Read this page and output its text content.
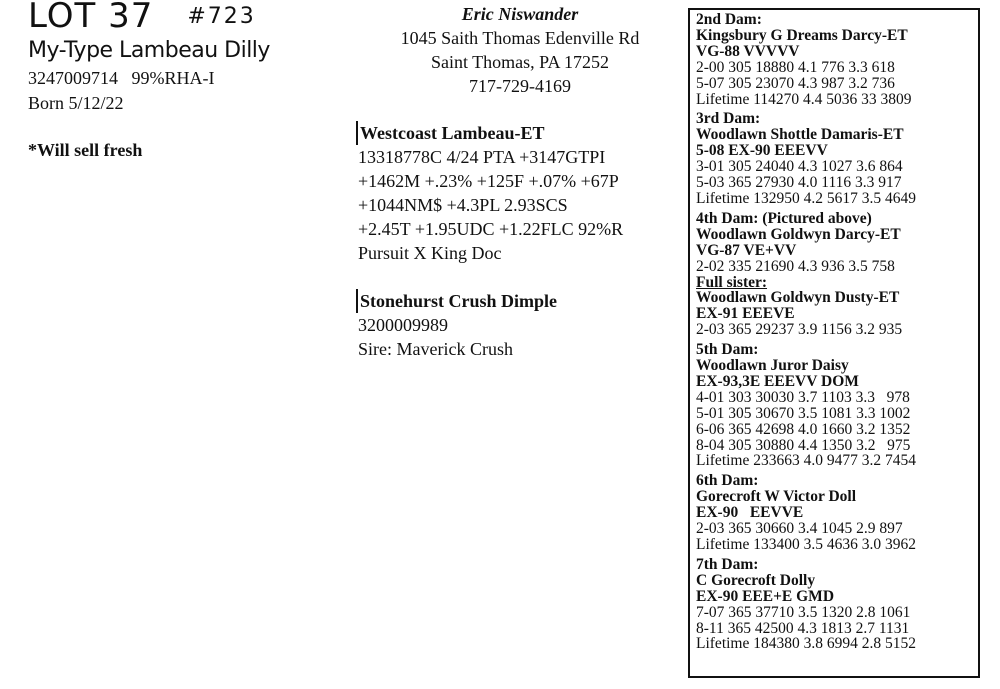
LOT 37 #723
My-Type Lambeau Dilly
3247009714   99%RHA-I
Born 5/12/22
*Will sell fresh
Eric Niswander
1045 Saith Thomas Edenville Rd
Saint Thomas, PA 17252
717-729-4169
Westcoast Lambeau-ET
13318778C 4/24 PTA +3147GTPI
+1462M +.23% +125F +.07% +67P
+1044NM$ +4.3PL 2.93SCS
+2.45T +1.95UDC +1.22FLC 92%R
Pursuit X King Doc
Stonehurst Crush Dimple
3200009989
Sire: Maverick Crush
2nd Dam:
Kingsbury G Dreams Darcy-ET
VG-88 VVVVV
2-00 305 18880 4.1 776 3.3 618
5-07 305 23070 4.3 987 3.2 736
Lifetime 114270 4.4 5036 33 3809
3rd Dam:
Woodlawn Shottle Damaris-ET
5-08 EX-90 EEEVV
3-01 305 24040 4.3 1027 3.6 864
5-03 365 27930 4.0 1116 3.3 917
Lifetime 132950 4.2 5617 3.5 4649
4th Dam: (Pictured above)
Woodlawn Goldwyn Darcy-ET
VG-87 VE+VV
2-02 335 21690 4.3 936 3.5 758
Full sister:
Woodlawn Goldwyn Dusty-ET
EX-91 EEEVE
2-03 365 29237 3.9 1156 3.2 935
5th Dam:
Woodlawn Juror Daisy
EX-93,3E EEEVV DOM
4-01 303 30030 3.7 1103 3.3   978
5-01 305 30670 3.5 1081 3.3 1002
6-06 365 42698 4.0 1660 3.2 1352
8-04 305 30880 4.4 1350 3.2   975
Lifetime 233663 4.0 9477 3.2 7454
6th Dam:
Gorecroft W Victor Doll
EX-90   EEVVE
2-03 365 30660 3.4 1045 2.9 897
Lifetime 133400 3.5 4636 3.0 3962
7th Dam:
C Gorecroft Dolly
EX-90 EEE+E GMD
7-07 365 37710 3.5 1320 2.8 1061
8-11 365 42500 4.3 1813 2.7 1131
Lifetime 184380 3.8 6994 2.8 5152
